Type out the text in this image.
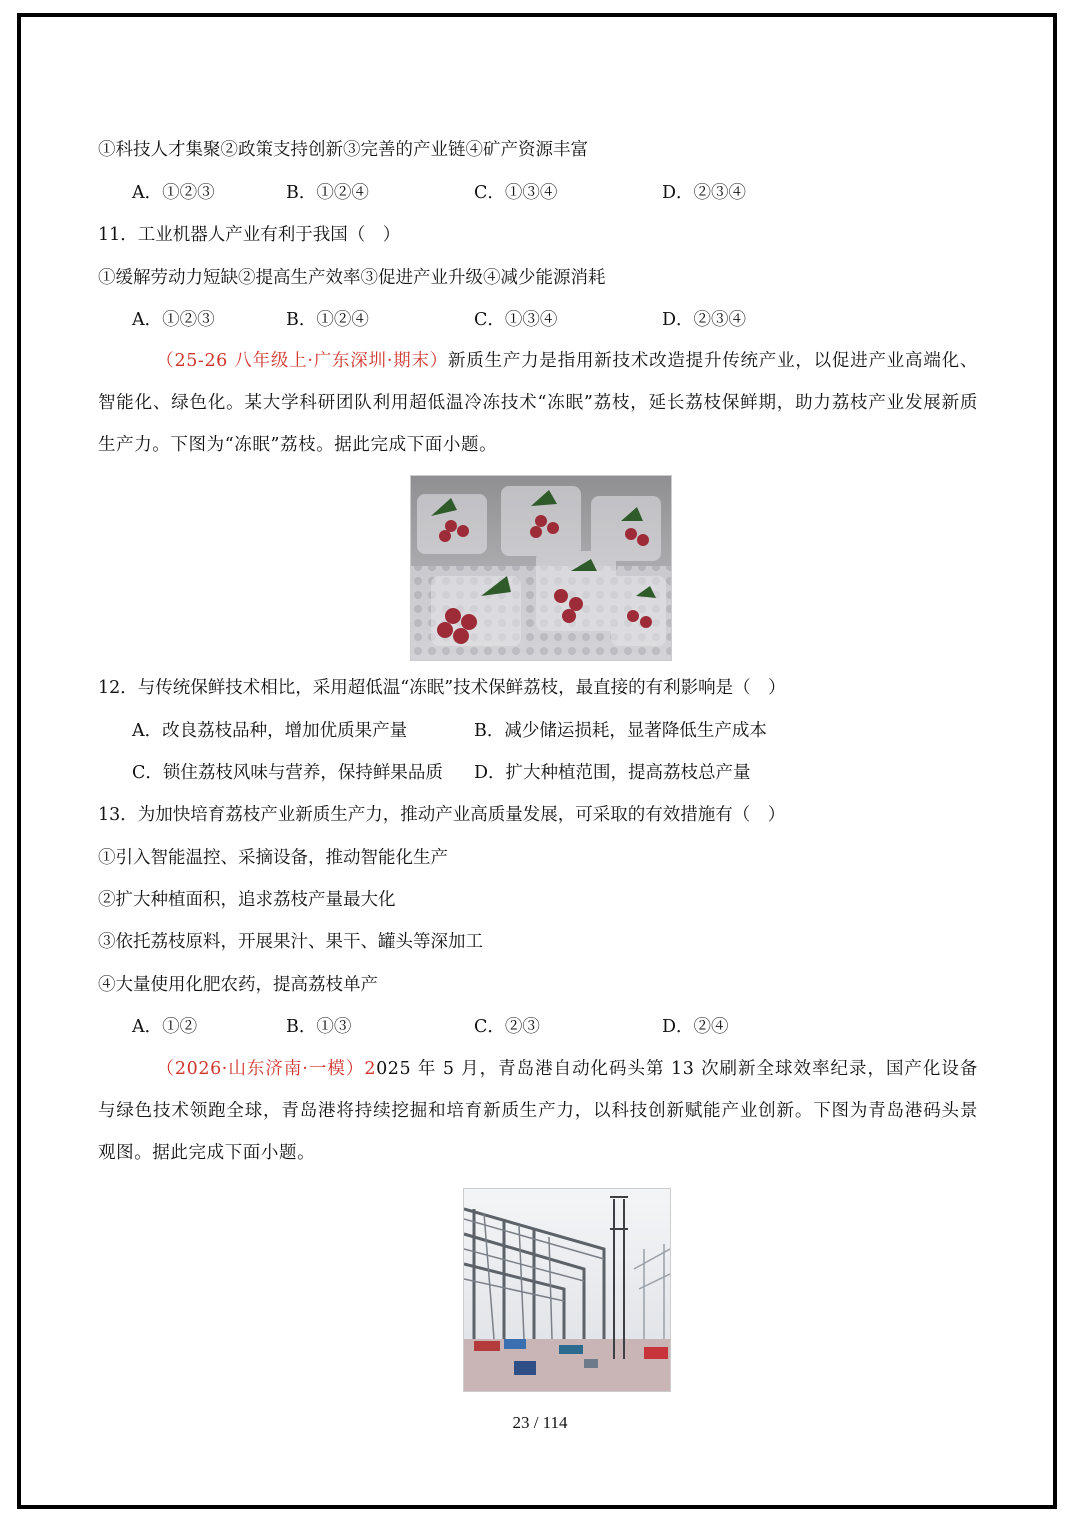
①科技人才集聚②政策支持创新③完善的产业链④矿产资源丰富
A．①②③	B．①②④	C．①③④	D．②③④
11．工业机器人产业有利于我国（　）
①缓解劳动力短缺②提高生产效率③促进产业升级④减少能源消耗
A．①②③	B．①②④	C．①③④	D．②③④
（25-26 八年级上·广东深圳·期末）新质生产力是指用新技术改造提升传统产业，以促进产业高端化、智能化、绿色化。某大学科研团队利用超低温冷冻技术“冻眠”荔枝，延长荔枝保鲜期，助力荔枝产业发展新质生产力。下图为“冻眠”荔枝。据此完成下面小题。
12．与传统保鲜技术相比，采用超低温“冻眠”技术保鲜荔枝，最直接的有利影响是（　）
A．改良荔枝品种，增加优质果产量	B．减少储运损耗，显著降低生产成本
C．锁住荔枝风味与营养，保持鲜果品质 D．扩大种植范围，提高荔枝总产量
13．为加快培育荔枝产业新质生产力，推动产业高质量发展，可采取的有效措施有（　）
①引入智能温控、采摘设备，推动智能化生产
②扩大种植面积，追求荔枝产量最大化
③依托荔枝原料，开展果汁、果干、罐头等深加工
④大量使用化肥农药，提高荔枝单产
A．①②	B．①③	C．②③	D．②④
（2026·山东济南·一模）2025 年 5 月，青岛港自动化码头第 13 次刷新全球效率纪录，国产化设备与绿色技术领跑全球，青岛港将持续挖掘和培育新质生产力，以科技创新赋能产业创新。下图为青岛港码头景观图。据此完成下面小题。
23 / 114
